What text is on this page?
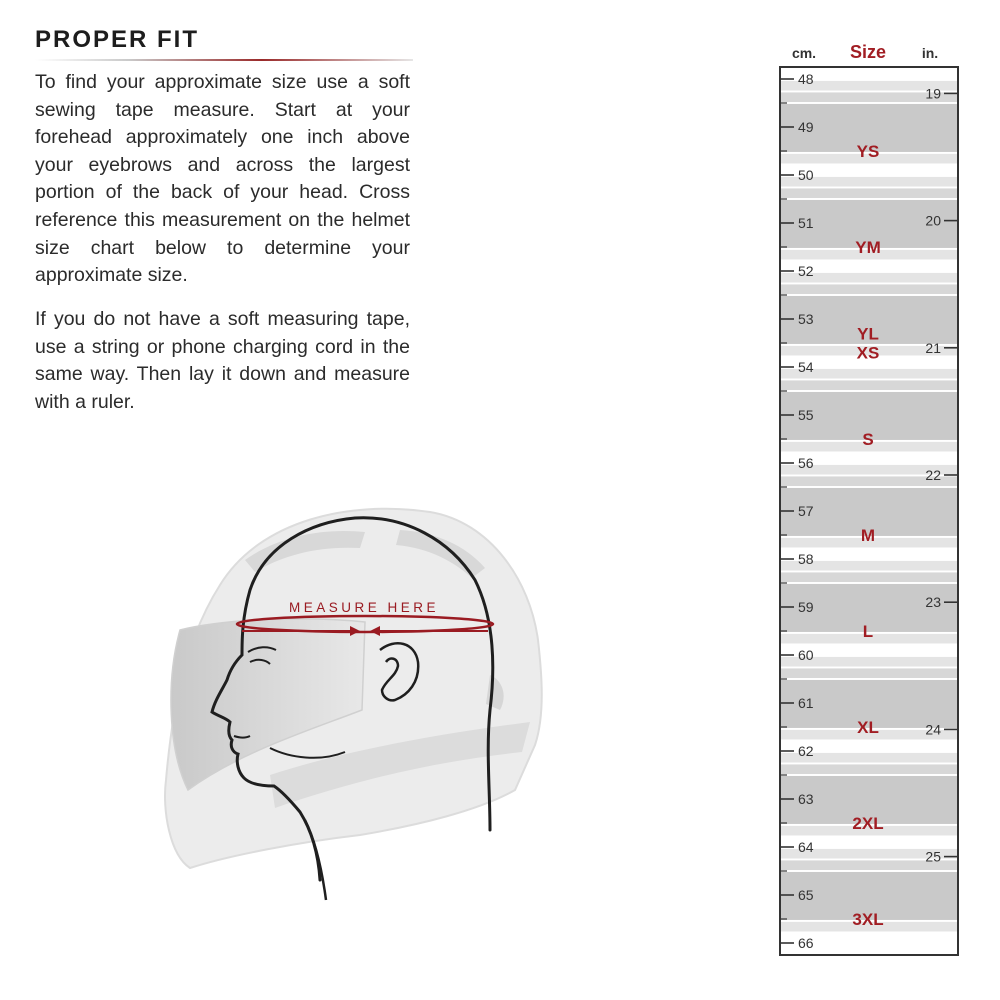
PROPER FIT

To find your approximate size use a soft sewing tape measure. Start at your forehead approximately one inch above your eyebrows and across the largest portion of the back of your head. Cross reference this measurement on the helmet size chart below to determine your approximate size.

If you do not have a soft measuring tape, use a string or phone charging cord in the same way. Then lay it down and measure with a ruler.

MEASURE HERE
cm. Size	in.
48
49
50
51
52
53
54
55
56
57
58
59
60
61
62
63
64
65
66
19
20
21
22
23
24
25
YS
YM
YL
XS
S
M
L
XL
2XL
3XL
